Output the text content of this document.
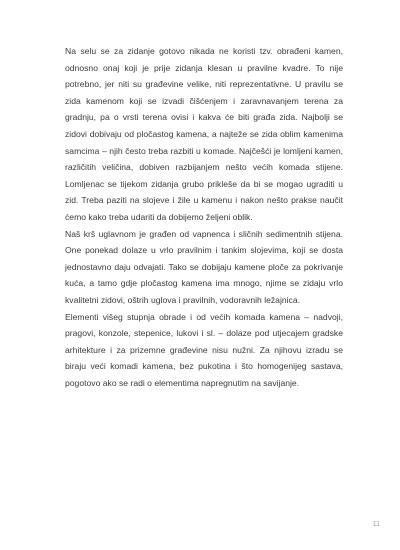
Na selu se za zidanje gotovo nikada ne koristi tzv. obrađeni kamen, odnosno onaj koji je prije zidanja klesan u pravilne kvadre. To nije potrebno, jer niti su građevine velike, niti reprezentativne. U pravilu se zida kamenom koji se izvadi čišćenjem i zaravnavanjem terena za gradnju, pa o vrsti terena ovisi i kakva će biti građa zida. Najbolji se zidovi dobivaju od pločastog kamena, a najteže se zida oblim kamenima samcima – njih često treba razbiti u komade. Najčešći je lomljeni kamen, različitih veličina, dobiven razbijanjem nešto većih komada stijene. Lomljenac se tijekom zidanja grubo prikleše da bi se mogao ugraditi u zid. Treba paziti na slojeve i žile u kamenu i nakon nešto prakse naučit ćemo kako treba udariti da dobijemo željeni oblik.

Naš krš uglavnom je građen od vapnenca i sličnih sedimentnih stijena. One ponekad dolaze u vrlo pravilnim i tankim slojevima, koji se dosta jednostavno daju odvajati. Tako se dobijaju kamene ploče za pokrivanje kuća, a tamo gdje pločastog kamena ima mnogo, njime se zidaju vrlo kvalitetni zidovi, oštrih uglova i pravilnih, vodoravnih ležajnica.

Elementi višeg stupnja obrade i od većih komada kamena – nadvoji, pragovi, konzole, stepenice, lukovi i sl. – dolaze pod utjecajem gradske arhitekture i za prizemne građevine nisu nužni. Za njihovu izradu se biraju veći komadi kamena, bez pukotina i što homogenijeg sastava, pogotovo ako se radi o elementima napregnutim na savijanje.

11
